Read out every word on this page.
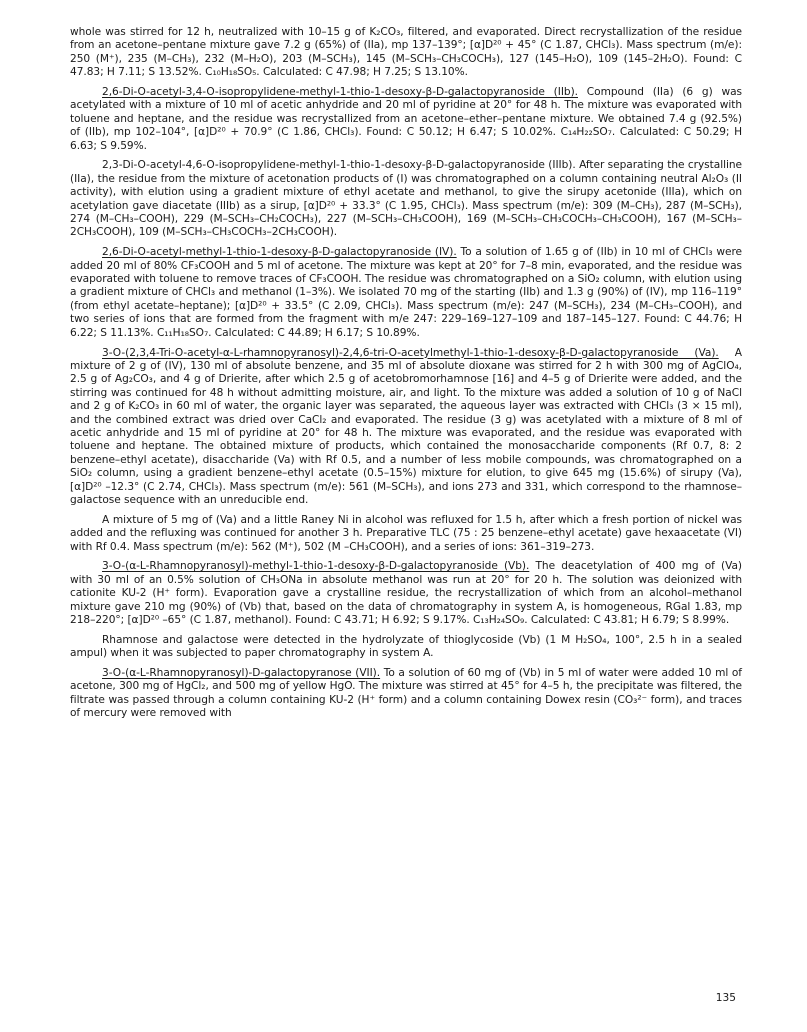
whole was stirred for 12 h, neutralized with 10–15 g of K₂CO₃, filtered, and evaporated. Direct recrystallization of the residue from an acetone–pentane mixture gave 7.2 g (65%) of (IIa), mp 137–139°; [α]D²⁰ + 45° (C 1.87, CHCl₃). Mass spectrum (m/e): 250 (M⁺), 235 (M–CH₃), 232 (M–H₂O), 203 (M–SCH₃), 145 (M–SCH₃–CH₃COCH₃), 127 (145–H₂O), 109 (145–2H₂O). Found: C 47.83; H 7.11; S 13.52%. C₁₀H₁₈SO₅. Calculated: C 47.98; H 7.25; S 13.10%.

2,6-Di-O-acetyl-3,4-O-isopropylidene-methyl-1-thio-1-desoxy-β-D-galactopyranoside (IIb). Compound (IIa) (6 g) was acetylated with a mixture of 10 ml of acetic anhydride and 20 ml of pyridine at 20° for 48 h. The mixture was evaporated with toluene and heptane, and the residue was recrystallized from an acetone–ether–pentane mixture. We obtained 7.4 g (92.5%) of (IIb), mp 102–104°, [α]D²⁰ + 70.9° (C 1.86, CHCl₃). Found: C 50.12; H 6.47; S 10.02%. C₁₄H₂₂SO₇. Calculated: C 50.29; H 6.63; S 9.59%.

2,3-Di-O-acetyl-4,6-O-isopropylidene-methyl-1-thio-1-desoxy-β-D-galactopyranoside (IIIb). After separating the crystalline (IIa), the residue from the mixture of acetonation products of (I) was chromatographed on a column containing neutral Al₂O₃ (II activity), with elution using a gradient mixture of ethyl acetate and methanol, to give the sirupy acetonide (IIIa), which on acetylation gave diacetate (IIIb) as a sirup, [α]D²⁰ + 33.3° (C 1.95, CHCl₃). Mass spectrum (m/e): 309 (M–CH₃), 287 (M–SCH₃), 274 (M–CH₃–COOH), 229 (M–SCH₃–CH₂COCH₃), 227 (M–SCH₃–CH₃COOH), 169 (M–SCH₃–CH₃COCH₃–CH₃COOH), 167 (M–SCH₃–2CH₃COOH), 109 (M–SCH₃–CH₃COCH₃–2CH₃COOH).

2,6-Di-O-acetyl-methyl-1-thio-1-desoxy-β-D-galactopyranoside (IV). To a solution of 1.65 g of (IIb) in 10 ml of CHCl₃ were added 20 ml of 80% CF₃COOH and 5 ml of acetone. The mixture was kept at 20° for 7–8 min, evaporated, and the residue was evaporated with toluene to remove traces of CF₃COOH. The residue was chromatographed on a SiO₂ column, with elution using a gradient mixture of CHCl₃ and methanol (1–3%). We isolated 70 mg of the starting (IIb) and 1.3 g (90%) of (IV), mp 116–119° (from ethyl acetate–heptane); [α]D²⁰ + 33.5° (C 2.09, CHCl₃). Mass spectrum (m/e): 247 (M–SCH₃), 234 (M–CH₃–COOH), and two series of ions that are formed from the fragment with m/e 247: 229–169–127–109 and 187–145–127. Found: C 44.76; H 6.22; S 11.13%. C₁₁H₁₈SO₇. Calculated: C 44.89; H 6.17; S 10.89%.

3-O-(2,3,4-Tri-O-acetyl-α-L-rhamnopyranosyl)-2,4,6-tri-O-acetylmethyl-1-thio-1-desoxy-β-D-galactopyranoside (Va). A mixture of 2 g of (IV), 130 ml of absolute benzene, and 35 ml of absolute dioxane was stirred for 2 h with 300 mg of AgClO₄, 2.5 g of Ag₂CO₃, and 4 g of Drierite, after which 2.5 g of acetobromorhamnose [16] and 4–5 g of Drierite were added, and the stirring was continued for 48 h without admitting moisture, air, and light. To the mixture was added a solution of 10 g of NaCl and 2 g of K₂CO₃ in 60 ml of water, the organic layer was separated, the aqueous layer was extracted with CHCl₃ (3 × 15 ml), and the combined extract was dried over CaCl₂ and evaporated. The residue (3 g) was acetylated with a mixture of 8 ml of acetic anhydride and 15 ml of pyridine at 20° for 48 h. The mixture was evaporated, and the residue was evaporated with toluene and heptane. The obtained mixture of products, which contained the monosaccharide components (Rf 0.7, 8: 2 benzene–ethyl acetate), disaccharide (Va) with Rf 0.5, and a number of less mobile compounds, was chromatographed on a SiO₂ column, using a gradient benzene–ethyl acetate (0.5–15%) mixture for elution, to give 645 mg (15.6%) of sirupy (Va), [α]D²⁰ –12.3° (C 2.74, CHCl₃). Mass spectrum (m/e): 561 (M–SCH₃), and ions 273 and 331, which correspond to the rhamnose–galactose sequence with an unreducible end.

A mixture of 5 mg of (Va) and a little Raney Ni in alcohol was refluxed for 1.5 h, after which a fresh portion of nickel was added and the refluxing was continued for another 3 h. Preparative TLC (75 : 25 benzene–ethyl acetate) gave hexaacetate (VI) with Rf 0.4. Mass spectrum (m/e): 562 (M⁺), 502 (M –CH₃COOH), and a series of ions: 361–319–273.

3-O-(α-L-Rhamnopyranosyl)-methyl-1-thio-1-desoxy-β-D-galactopyranoside (Vb). The deacetylation of 400 mg of (Va) with 30 ml of an 0.5% solution of CH₃ONa in absolute methanol was run at 20° for 20 h. The solution was deionized with cationite KU-2 (H⁺ form). Evaporation gave a crystalline residue, the recrystallization of which from an alcohol–methanol mixture gave 210 mg (90%) of (Vb) that, based on the data of chromatography in system A, is homogeneous, RGal 1.83, mp 218–220°; [α]D²⁰ –65° (C 1.87, methanol). Found: C 43.71; H 6.92; S 9.17%. C₁₃H₂₄SO₉. Calculated: C 43.81; H 6.79; S 8.99%.

Rhamnose and galactose were detected in the hydrolyzate of thioglycoside (Vb) (1 M H₂SO₄, 100°, 2.5 h in a sealed ampul) when it was subjected to paper chromatography in system A.

3-O-(α-L-Rhamnopyranosyl)-D-galactopyranose (VII). To a solution of 60 mg of (Vb) in 5 ml of water were added 10 ml of acetone, 300 mg of HgCl₂, and 500 mg of yellow HgO. The mixture was stirred at 45° for 4–5 h, the precipitate was filtered, the filtrate was passed through a column containing KU-2 (H⁺ form) and a column containing Dowex resin (CO₃²⁻ form), and traces of mercury were removed with

135
